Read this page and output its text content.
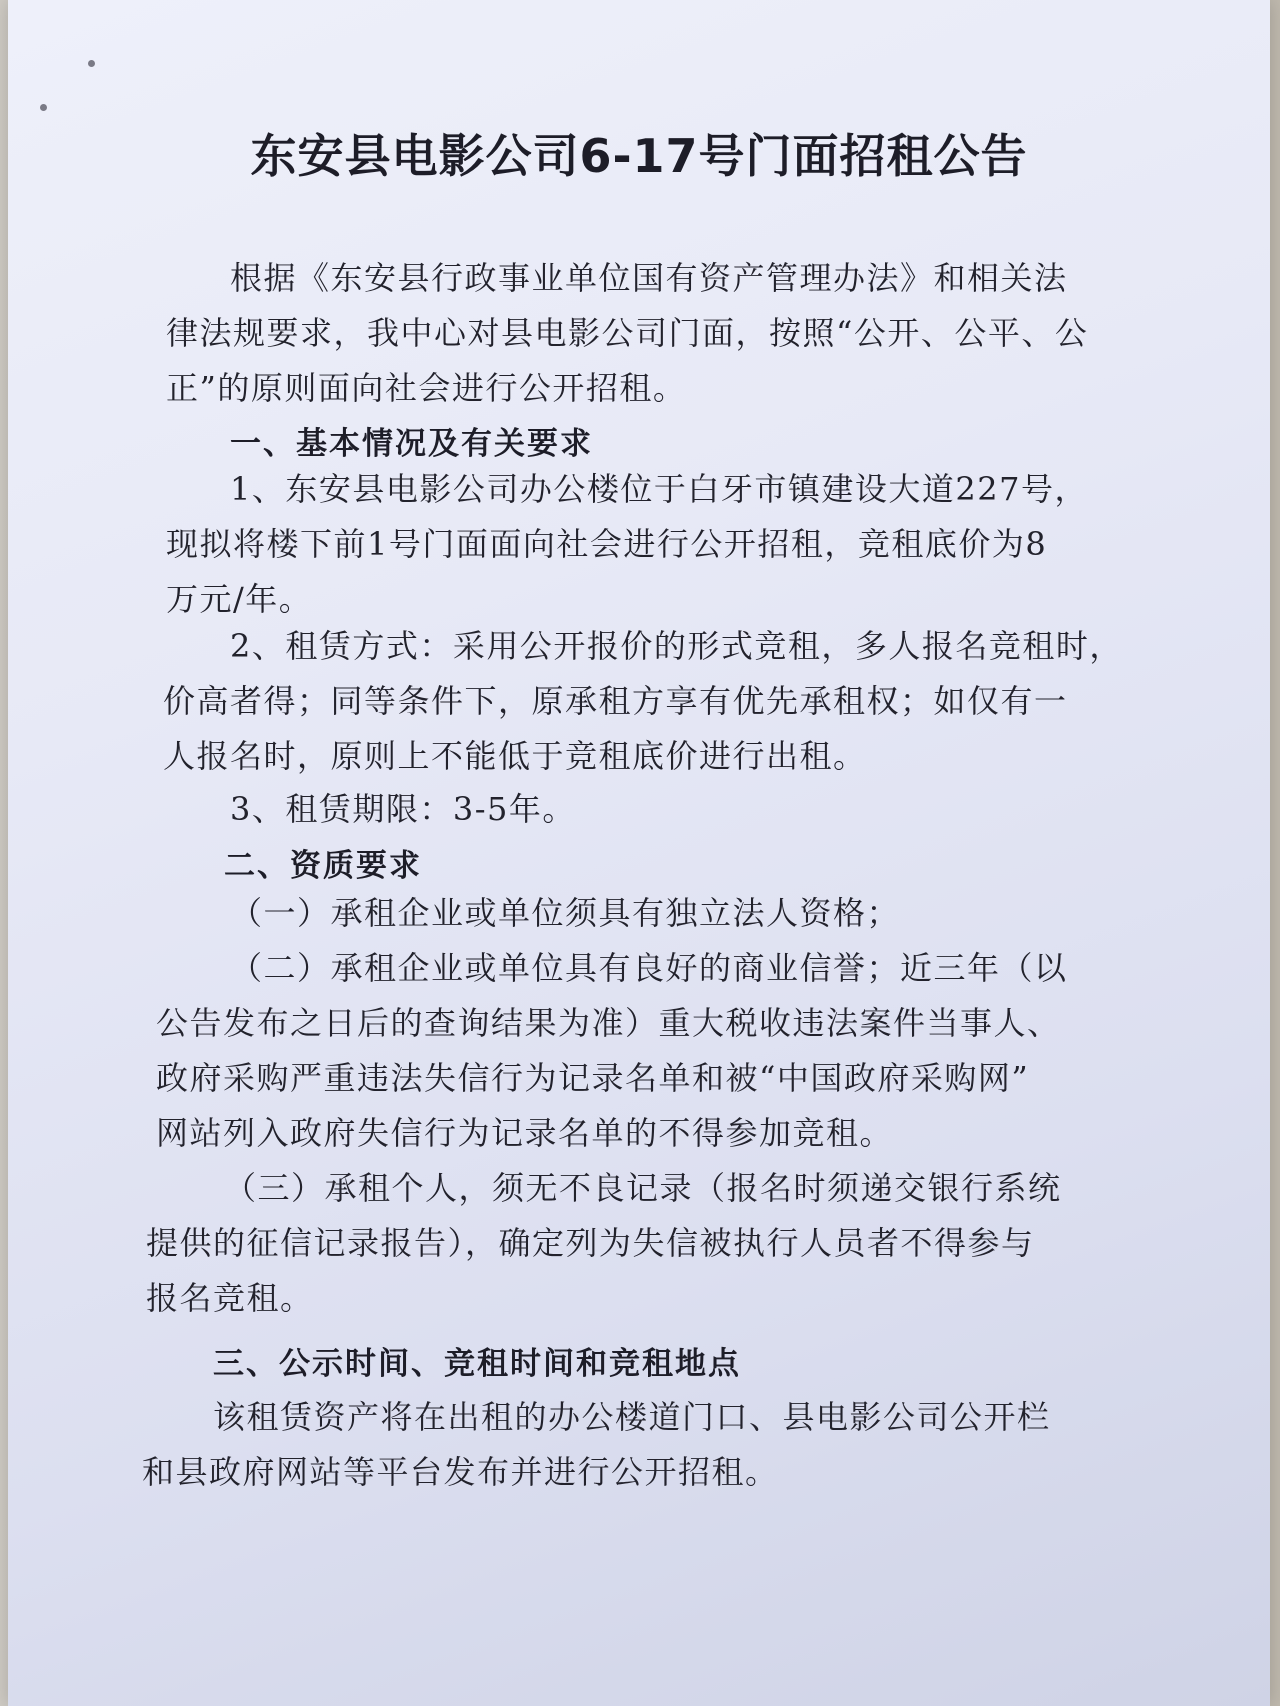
东安县电影公司6-17号门面招租公告

根据《东安县行政事业单位国有资产管理办法》和相关法

律法规要求，我中心对县电影公司门面，按照“公开、公平、公

正”的原则面向社会进行公开招租。

一、基本情况及有关要求

1、东安县电影公司办公楼位于白牙市镇建设大道227号，

现拟将楼下前1号门面面向社会进行公开招租，竞租底价为8

万元/年。

2、租赁方式：采用公开报价的形式竞租，多人报名竞租时，

价高者得；同等条件下，原承租方享有优先承租权；如仅有一

人报名时，原则上不能低于竞租底价进行出租。

3、租赁期限：3-5年。

二、资质要求

（一）承租企业或单位须具有独立法人资格；

（二）承租企业或单位具有良好的商业信誉；近三年（以

公告发布之日后的查询结果为准）重大税收违法案件当事人、

政府采购严重违法失信行为记录名单和被“中国政府采购网”

网站列入政府失信行为记录名单的不得参加竞租。

（三）承租个人，须无不良记录（报名时须递交银行系统

提供的征信记录报告），确定列为失信被执行人员者不得参与

报名竞租。

三、公示时间、竞租时间和竞租地点

该租赁资产将在出租的办公楼道门口、县电影公司公开栏

和县政府网站等平台发布并进行公开招租。
